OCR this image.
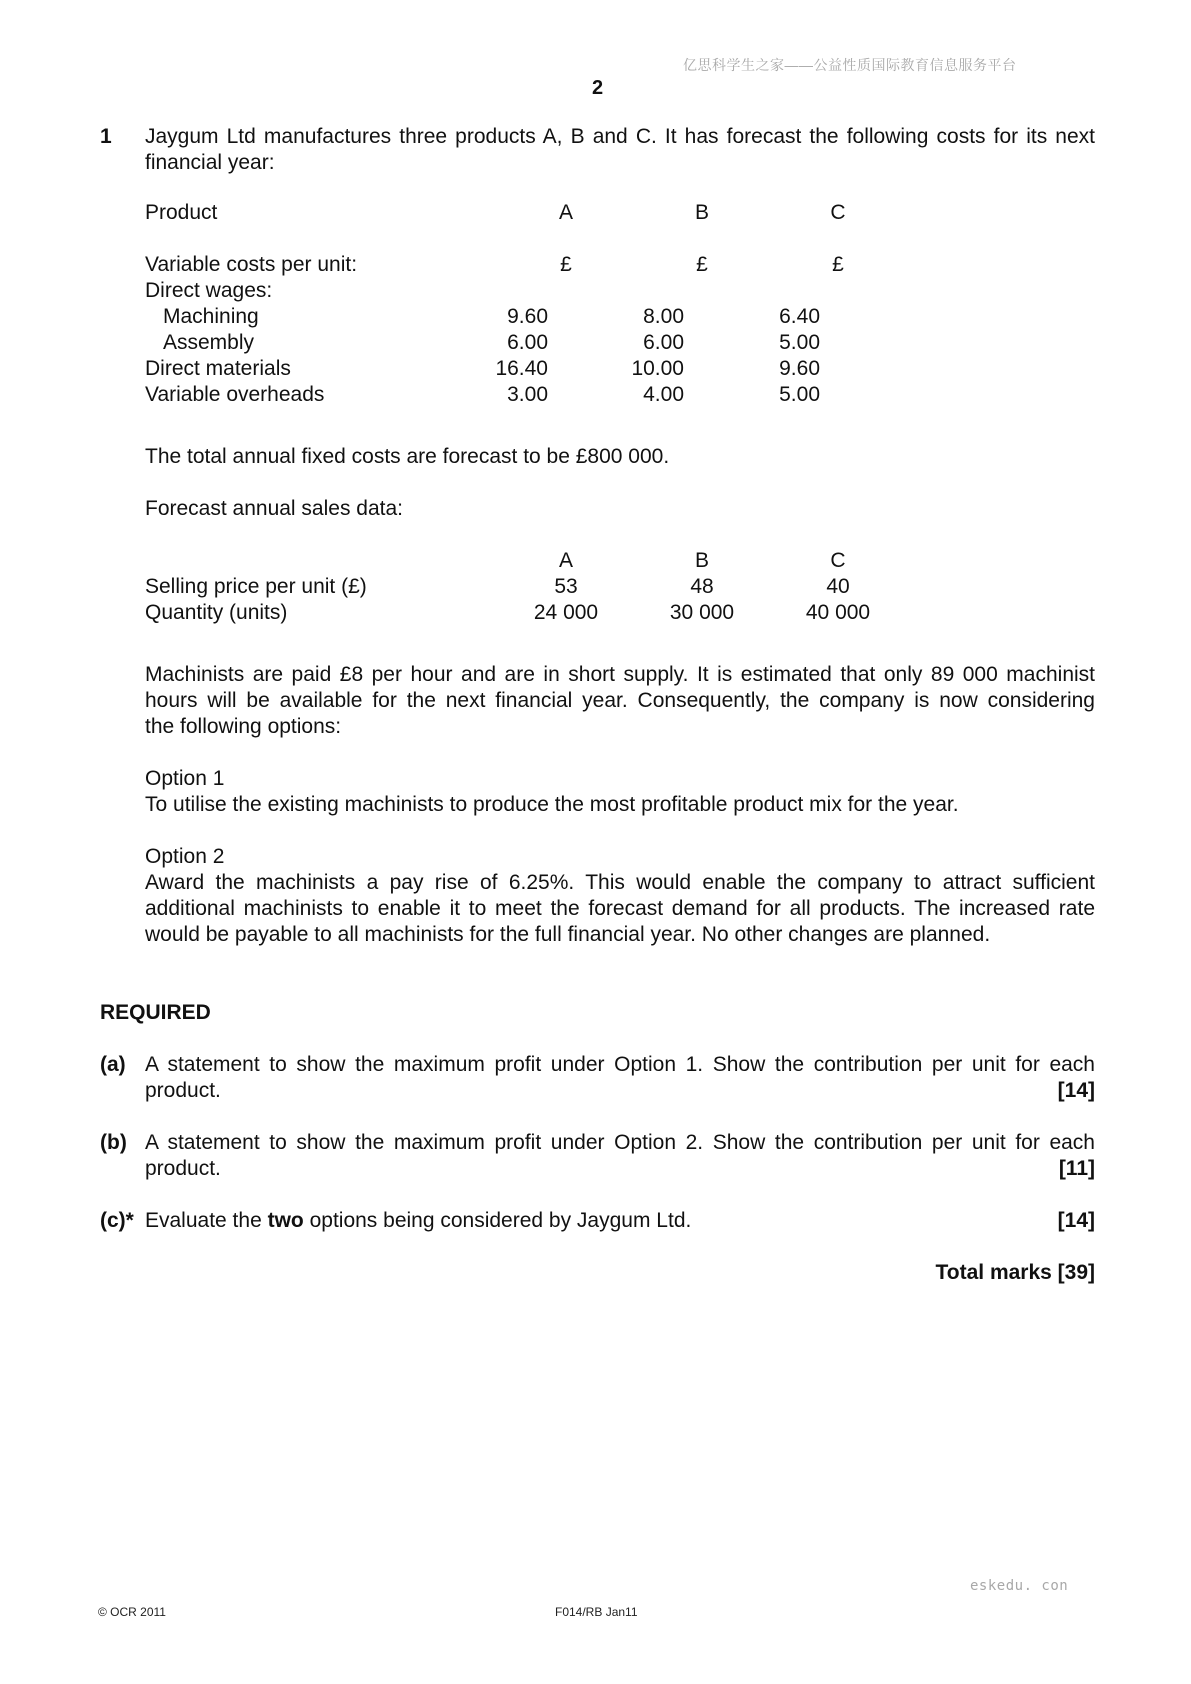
亿思科学生之家——公益性质国际教育信息服务平台
2
1 Jaygum Ltd manufactures three products A, B and C. It has forecast the following costs for its next
financial year:
Product	A	B	C
Variable costs per unit:	£	£	£
Direct wages:
Machining	9.60	8.00	6.40
Assembly	6.00	6.00	5.00
Direct materials	16.40	10.00	9.60
Variable overheads	3.00	4.00	5.00
The total annual fixed costs are forecast to be £800 000.
Forecast annual sales data:
A	B	C
Selling price per unit (£)	53	48	40
Quantity (units)	24 000	30 000	40 000
Machinists are paid £8 per hour and are in short supply. It is estimated that only 89 000 machinist
hours will be available for the next financial year. Consequently, the company is now considering
the following options:
Option 1
To utilise the existing machinists to produce the most profitable product mix for the year.
Option 2
Award the machinists a pay rise of 6.25%. This would enable the company to attract sufficient
additional machinists to enable it to meet the forecast demand for all products. The increased rate
would be payable to all machinists for the full financial year. No other changes are planned.
REQUIRED
(a) A statement to show the maximum profit under Option 1. Show the contribution per unit for each
product.	[14]
(b) A statement to show the maximum profit under Option 2. Show the contribution per unit for each
product.	[11]
(c)* Evaluate the two options being considered by Jaygum Ltd.	[14]
Total marks [39]
eskedu. con
© OCR 2011	F014/RB Jan11
